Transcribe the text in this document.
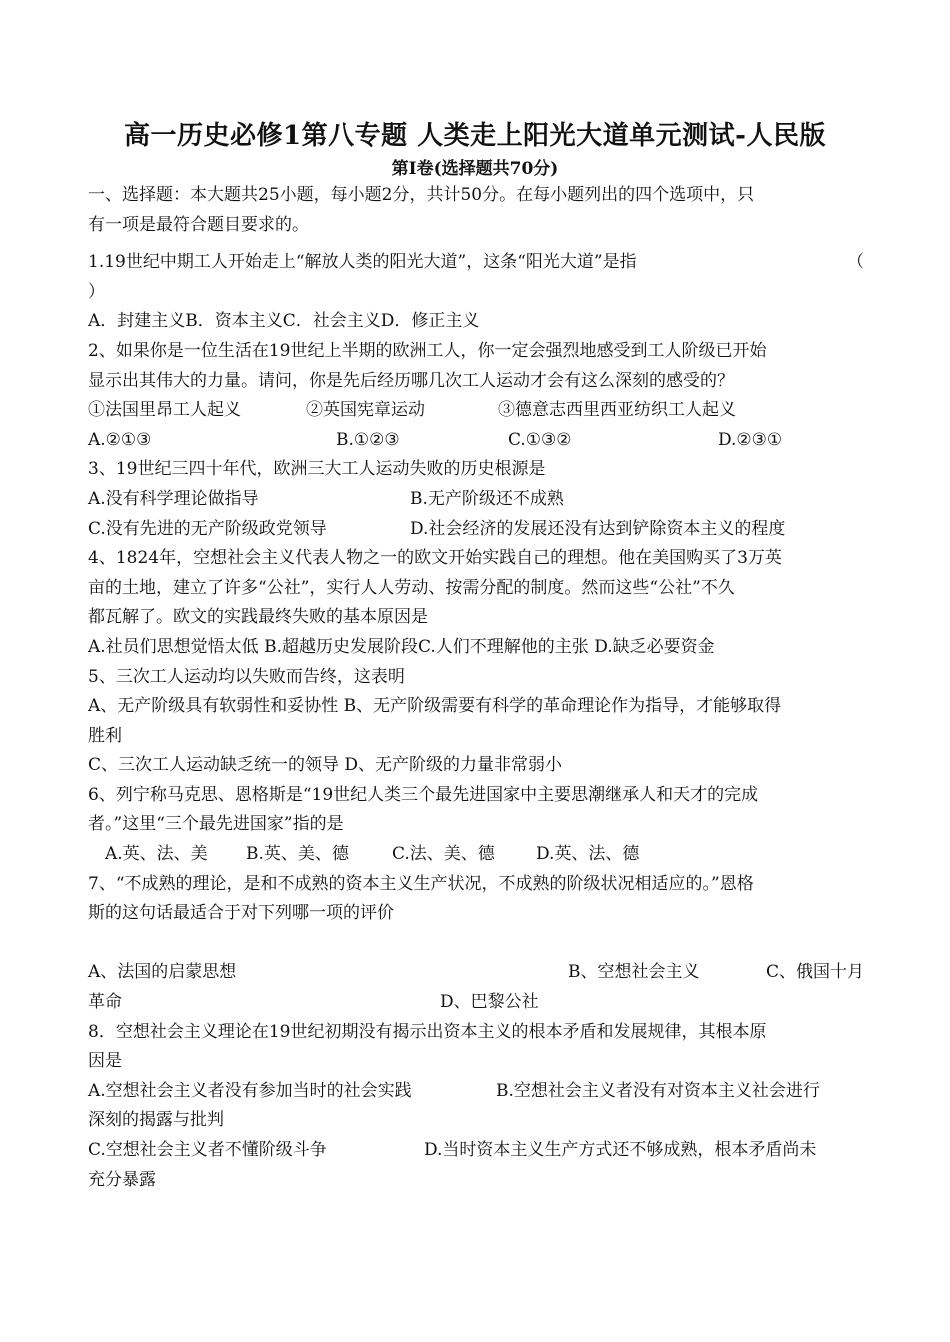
高一历史必修1第八专题 人类走上阳光大道单元测试-人民版
第Ⅰ卷(选择题共70分)
一、选择题：本大题共25小题，每小题2分，共计50分。在每小题列出的四个选项中，只
有一项是最符合题目要求的。
1.19世纪中期工人开始走上“解放人类的阳光大道”，这条“阳光大道”是指	（
）
A．封建主义B．资本主义C．社会主义D．修正主义
2、如果你是一位生活在19世纪上半期的欧洲工人，你一定会强烈地感受到工人阶级已开始
显示出其伟大的力量。请问，你是先后经历哪几次工人运动才会有这么深刻的感受的？
①法国里昂工人起义	②英国宪章运动	③德意志西里西亚纺织工人起义
A.②①③	B.①②③	C.①③②	D.②③①
3、19世纪三四十年代，欧洲三大工人运动失败的历史根源是
A.没有科学理论做指导	B.无产阶级还不成熟
C.没有先进的无产阶级政党领导	D.社会经济的发展还没有达到铲除资本主义的程度
4、1824年，空想社会主义代表人物之一的欧文开始实践自己的理想。他在美国购买了3万英
亩的土地，建立了许多“公社”，实行人人劳动、按需分配的制度。然而这些“公社”不久
都瓦解了。欧文的实践最终失败的基本原因是
A.社员们思想觉悟太低 B.超越历史发展阶段C.人们不理解他的主张 D.缺乏必要资金
5、三次工人运动均以失败而告终，这表明
A、无产阶级具有软弱性和妥协性 B、无产阶级需要有科学的革命理论作为指导，才能够取得
胜利
C、三次工人运动缺乏统一的领导 D、无产阶级的力量非常弱小
6、列宁称马克思、恩格斯是“19世纪人类三个最先进国家中主要思潮继承人和天才的完成
者。”这里“三个最先进国家”指的是
A.英、法、美 B.英、美、德	C.法、美、德 D.英、法、德
7、“不成熟的理论，是和不成熟的资本主义生产状况，不成熟的阶级状况相适应的。”恩格
斯的这句话最适合于对下列哪一项的评价
A、法国的启蒙思想	B、空想社会主义	C、俄国十月
革命	D、巴黎公社
8．空想社会主义理论在19世纪初期没有揭示出资本主义的根本矛盾和发展规律，其根本原
因是
A.空想社会主义者没有参加当时的社会实践	B.空想社会主义者没有对资本主义社会进行
深刻的揭露与批判
C.空想社会主义者不懂阶级斗争	D.当时资本主义生产方式还不够成熟，根本矛盾尚未
充分暴露
